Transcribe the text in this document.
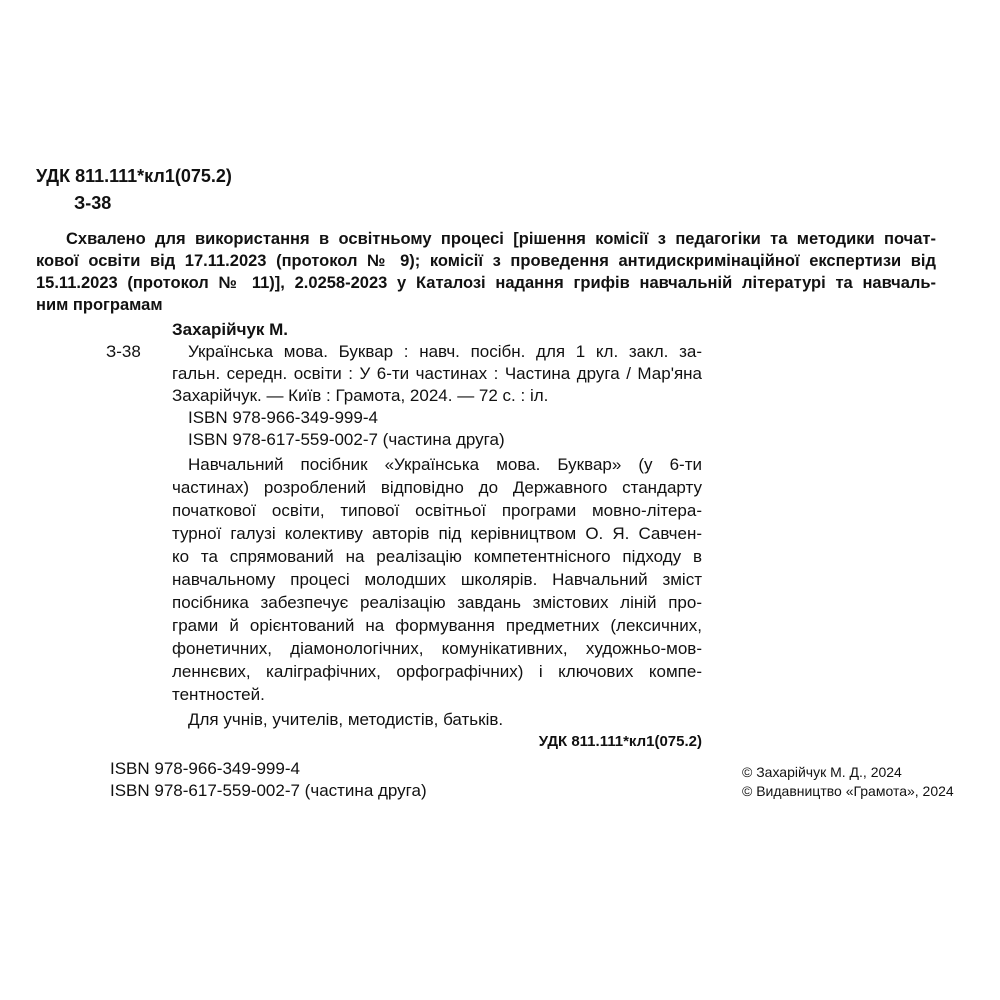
УДК 811.111*кл1(075.2)
З-38
Схвалено для використання в освітньому процесі [рішення комісії з педагогіки та методики почат-
кової освіти від 17.11.2023 (протокол № 9); комісії з проведення антидискримінаційної експертизи від
15.11.2023 (протокол № 11)], 2.0258-2023 у Каталозі надання грифів навчальній літературі та навчаль-
ним програмам
Захарійчук М.
З-38	Українська мова. Буквар : навч. посібн. для 1 кл. закл. за-
гальн. середн. освіти : У 6-ти частинах : Частина друга / Мар'яна
Захарійчук. — Київ : Грамота, 2024. — 72 с. : іл.
ISBN 978-966-349-999-4
ISBN 978-617-559-002-7 (частина друга)
Навчальний посібник «Українська мова. Буквар» (у 6-ти
частинах) розроблений відповідно до Державного стандарту
початкової освіти, типової освітньої програми мовно-літера-
турної галузі колективу авторів під керівництвом О. Я. Савчен-
ко та спрямований на реалізацію компетентнісного підходу в
навчальному процесі молодших школярів. Навчальний зміст
посібника забезпечує реалізацію завдань змістових ліній про-
грами й орієнтований на формування предметних (лексичних,
фонетичних, діамонологічних, комунікативних, художньо-мов-
леннєвих, каліграфічних, орфографічних) і ключових компе-
тентностей.
Для учнів, учителів, методистів, батьків.
УДК 811.111*кл1(075.2)
ISBN 978-966-349-999-4
ISBN 978-617-559-002-7 (частина друга)
© Захарійчук М. Д., 2024
© Видавництво «Грамота», 2024
